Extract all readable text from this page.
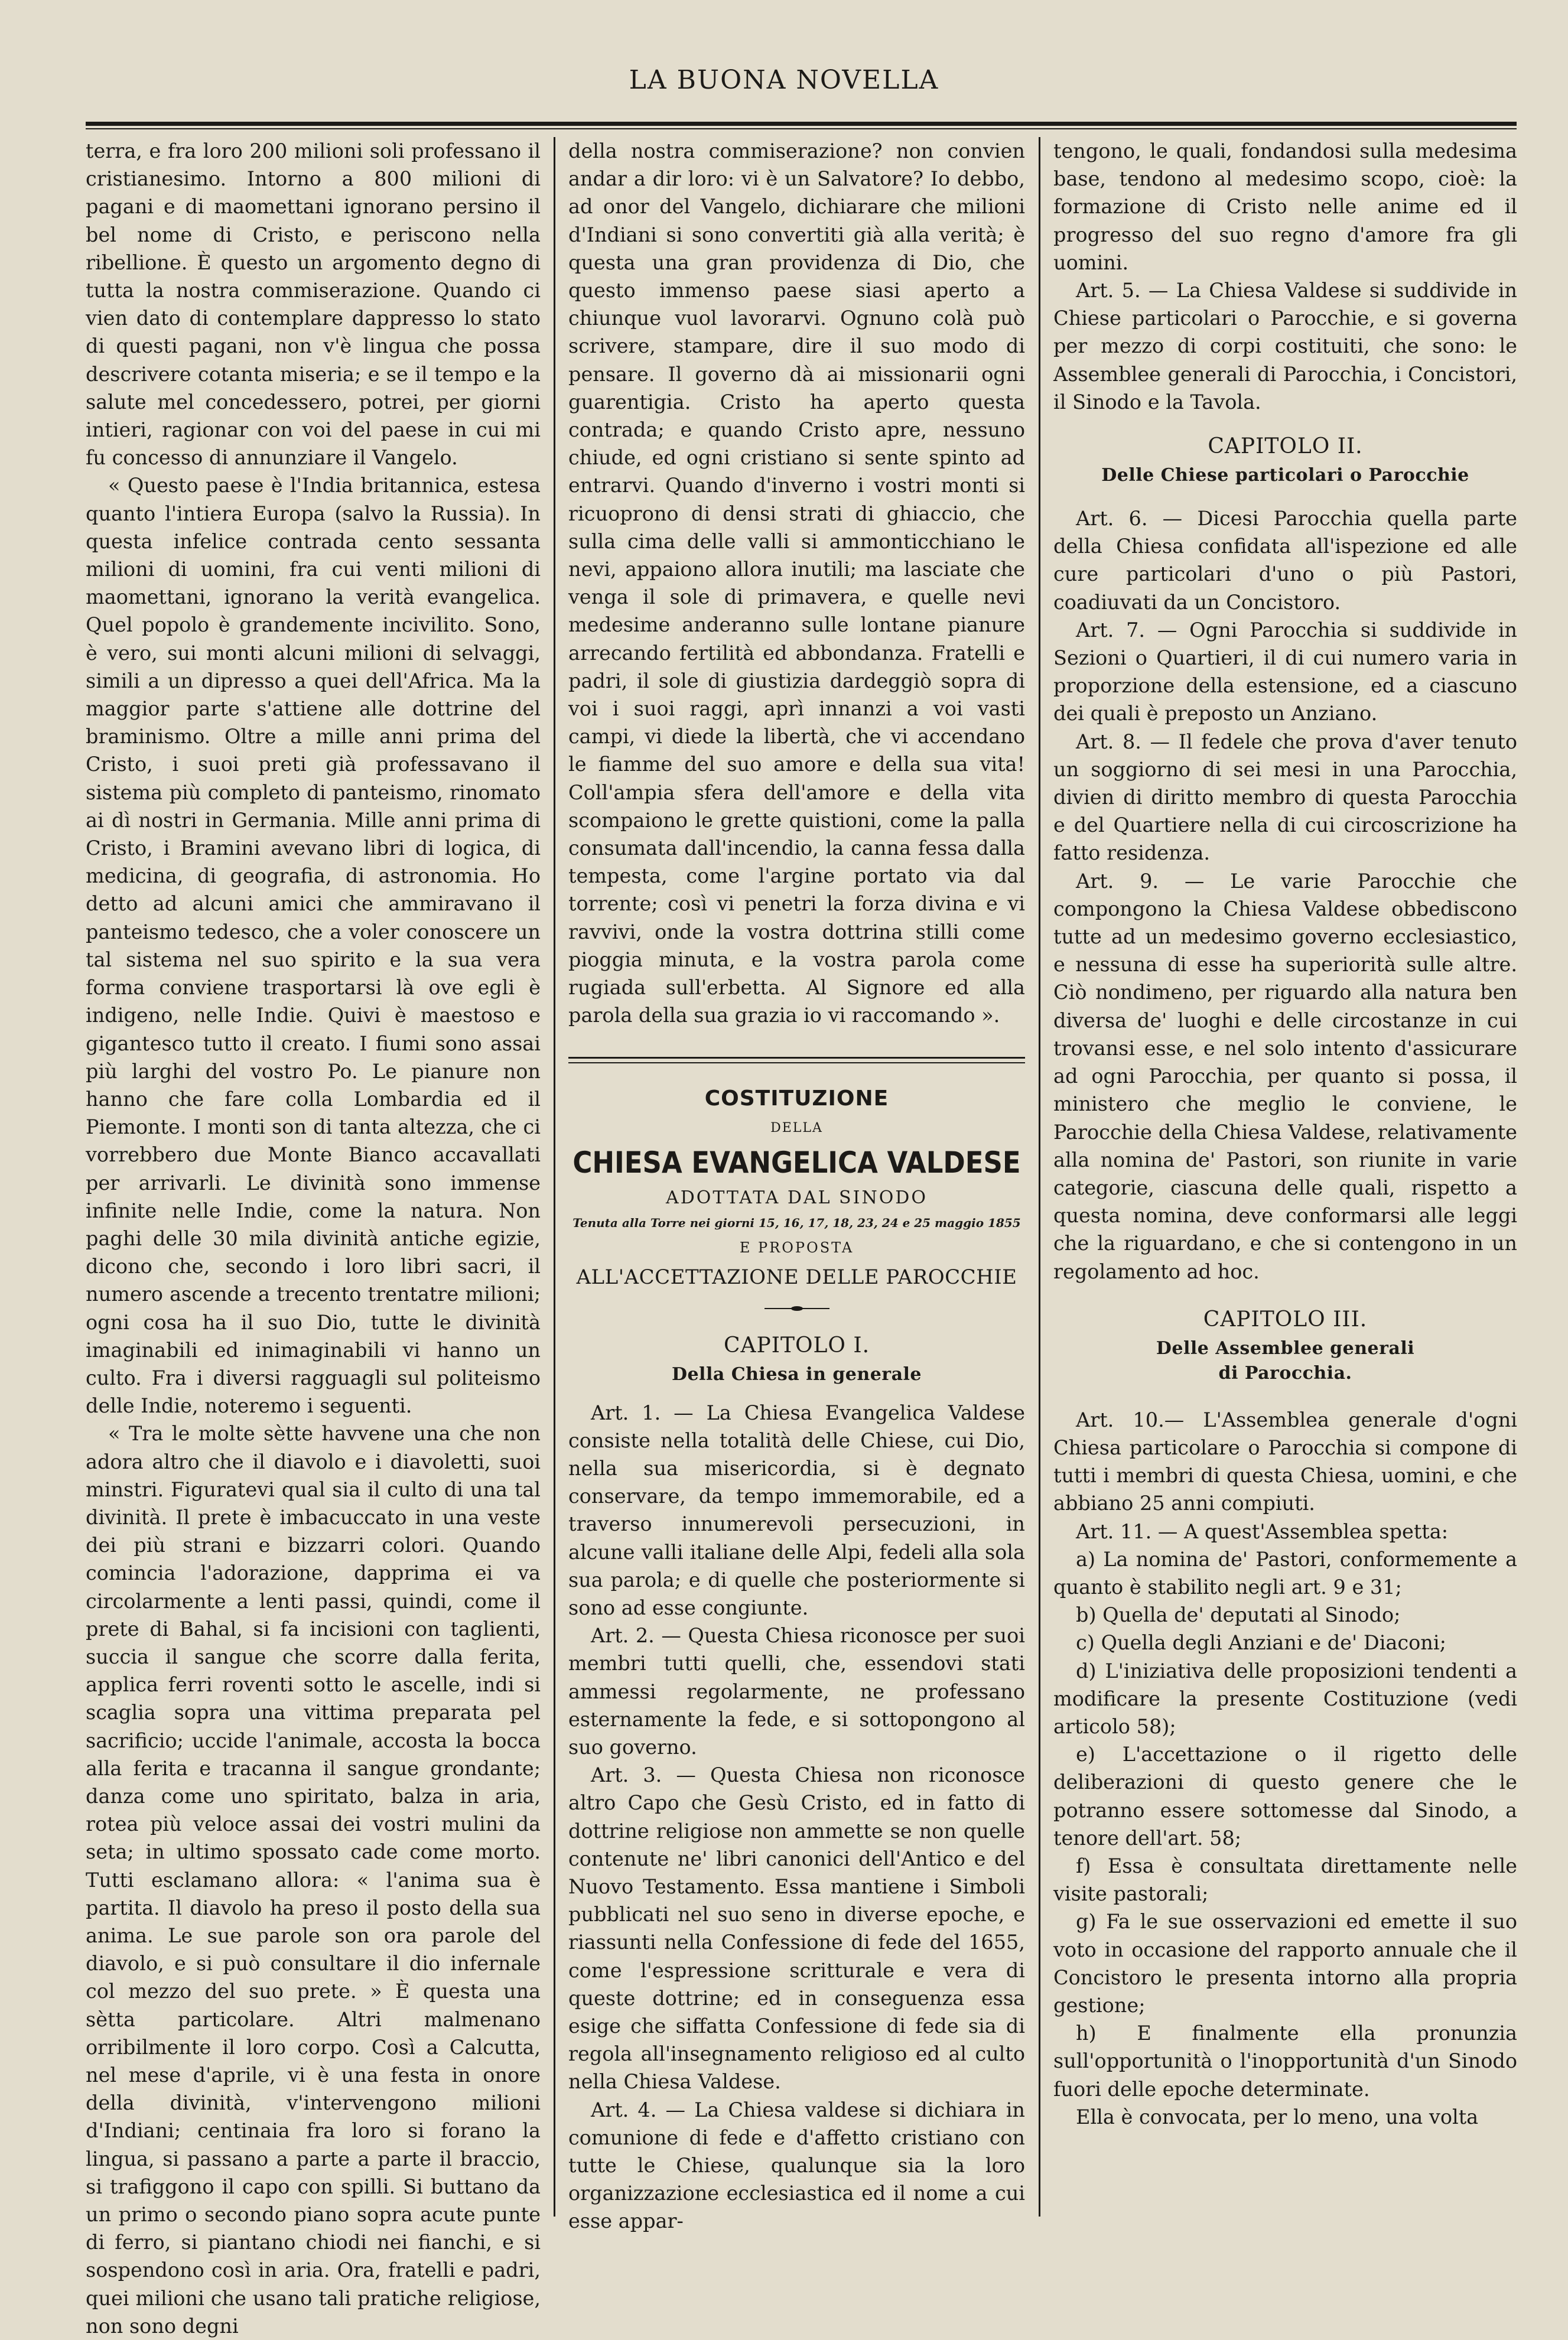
LA BUONA NOVELLA

terra, e fra loro 200 milioni soli professano il cristianesimo. Intorno a 800 milioni di pagani e di maomettani ignorano persino il bel nome di Cristo, e periscono nella ribellione. È questo un argomento degno di tutta la nostra commiserazione. Quando ci vien dato di contemplare dappresso lo stato di questi pagani, non v'è lingua che possa descrivere cotanta miseria; e se il tempo e la salute mel concedessero, potrei, per giorni intieri, ragionar con voi del paese in cui mi fu concesso di annunziare il Vangelo.

« Questo paese è l'India britannica, estesa quanto l'intiera Europa (salvo la Russia). In questa infelice contrada cento sessanta milioni di uomini, fra cui venti milioni di maomettani, ignorano la verità evangelica. Quel popolo è grandemente incivilito. Sono, è vero, sui monti alcuni milioni di selvaggi, simili a un dipresso a quei dell'Africa. Ma la maggior parte s'attiene alle dottrine del braminismo. Oltre a mille anni prima del Cristo, i suoi preti già professavano il sistema più completo di panteismo, rinomato ai dì nostri in Germania. Mille anni prima di Cristo, i Bramini avevano libri di logica, di medicina, di geografia, di astronomia. Ho detto ad alcuni amici che ammiravano il panteismo tedesco, che a voler conoscere un tal sistema nel suo spirito e la sua vera forma conviene trasportarsi là ove egli è indigeno, nelle Indie. Quivi è maestoso e gigantesco tutto il creato. I fiumi sono assai più larghi del vostro Po. Le pianure non hanno che fare colla Lombardia ed il Piemonte. I monti son di tanta altezza, che ci vorrebbero due Monte Bianco accavallati per arrivarli. Le divinità sono immense infinite nelle Indie, come la natura. Non paghi delle 30 mila divinità antiche egizie, dicono che, secondo i loro libri sacri, il numero ascende a trecento trentatre milioni; ogni cosa ha il suo Dio, tutte le divinità imaginabili ed inimaginabili vi hanno un culto. Fra i diversi ragguagli sul politeismo delle Indie, noteremo i seguenti.

« Tra le molte sètte havvene una che non adora altro che il diavolo e i diavoletti, suoi minstri. Figuratevi qual sia il culto di una tal divinità. Il prete è imbacuccato in una veste dei più strani e bizzarri colori. Quando comincia l'adorazione, dapprima ei va circolarmente a lenti passi, quindi, come il prete di Bahal, si fa incisioni con taglienti, succia il sangue che scorre dalla ferita, applica ferri roventi sotto le ascelle, indi si scaglia sopra una vittima preparata pel sacrificio; uccide l'animale, accosta la bocca alla ferita e tracanna il sangue grondante; danza come uno spiritato, balza in aria, rotea più veloce assai dei vostri mulini da seta; in ultimo spossato cade come morto. Tutti esclamano allora: « l'anima sua è partita. Il diavolo ha preso il posto della sua anima. Le sue parole son ora parole del diavolo, e si può consultare il dio infernale col mezzo del suo prete. » È questa una sètta particolare. Altri malmenano orribilmente il loro corpo. Così a Calcutta, nel mese d'aprile, vi è una festa in onore della divinità, v'intervengono milioni d'Indiani; centinaia fra loro si forano la lingua, si passano a parte a parte il braccio, si trafiggono il capo con spilli. Si buttano da un primo o secondo piano sopra acute punte di ferro, si piantano chiodi nei fianchi, e si sospendono così in aria. Ora, fratelli e padri, quei milioni che usano tali pratiche religiose, non sono degni

della nostra commiserazione? non convien andar a dir loro: vi è un Salvatore? Io debbo, ad onor del Vangelo, dichiarare che milioni d'Indiani si sono convertiti già alla verità; è questa una gran providenza di Dio, che questo immenso paese siasi aperto a chiunque vuol lavorarvi. Ognuno colà può scrivere, stampare, dire il suo modo di pensare. Il governo dà ai missionarii ogni guarentigia. Cristo ha aperto questa contrada; e quando Cristo apre, nessuno chiude, ed ogni cristiano si sente spinto ad entrarvi. Quando d'inverno i vostri monti si ricuoprono di densi strati di ghiaccio, che sulla cima delle valli si ammonticchiano le nevi, appaiono allora inutili; ma lasciate che venga il sole di primavera, e quelle nevi medesime anderanno sulle lontane pianure arrecando fertilità ed abbondanza. Fratelli e padri, il sole di giustizia dardeggiò sopra di voi i suoi raggi, aprì innanzi a voi vasti campi, vi diede la libertà, che vi accendano le fiamme del suo amore e della sua vita! Coll'ampia sfera dell'amore e della vita scompaiono le grette quistioni, come la palla consumata dall'incendio, la canna fessa dalla tempesta, come l'argine portato via dal torrente; così vi penetri la forza divina e vi ravvivi, onde la vostra dottrina stilli come pioggia minuta, e la vostra parola come rugiada sull'erbetta. Al Signore ed alla parola della sua grazia io vi raccomando ».

COSTITUZIONE
DELLA
CHIESA EVANGELICA VALDESE
ADOTTATA DAL SINODO
Tenuta alla Torre nei giorni 15, 16, 17, 18, 23, 24 e 25 maggio 1855
E PROPOSTA
ALL'ACCETTAZIONE DELLE PAROCCHIE
CAPITOLO I.
Della Chiesa in generale

Art. 1. — La Chiesa Evangelica Valdese consiste nella totalità delle Chiese, cui Dio, nella sua misericordia, si è degnato conservare, da tempo immemorabile, ed a traverso innumerevoli persecuzioni, in alcune valli italiane delle Alpi, fedeli alla sola sua parola; e di quelle che posteriormente si sono ad esse congiunte.

Art. 2. — Questa Chiesa riconosce per suoi membri tutti quelli, che, essendovi stati ammessi regolarmente, ne professano esternamente la fede, e si sottopongono al suo governo.

Art. 3. — Questa Chiesa non riconosce altro Capo che Gesù Cristo, ed in fatto di dottrine religiose non ammette se non quelle contenute ne' libri canonici dell'Antico e del Nuovo Testamento. Essa mantiene i Simboli pubblicati nel suo seno in diverse epoche, e riassunti nella Confessione di fede del 1655, come l'espressione scritturale e vera di queste dottrine; ed in conseguenza essa esige che siffatta Confessione di fede sia di regola all'insegnamento religioso ed al culto nella Chiesa Valdese.

Art. 4. — La Chiesa valdese si dichiara in comunione di fede e d'affetto cristiano con tutte le Chiese, qualunque sia la loro organizzazione ecclesiastica ed il nome a cui esse appar-

tengono, le quali, fondandosi sulla medesima base, tendono al medesimo scopo, cioè: la formazione di Cristo nelle anime ed il progresso del suo regno d'amore fra gli uomini.

Art. 5. — La Chiesa Valdese si suddivide in Chiese particolari o Parocchie, e si governa per mezzo di corpi costituiti, che sono: le Assemblee generali di Parocchia, i Concistori, il Sinodo e la Tavola.

CAPITOLO II.
Delle Chiese particolari o Parocchie

Art. 6. — Dicesi Parocchia quella parte della Chiesa confidata all'ispezione ed alle cure particolari d'uno o più Pastori, coadiuvati da un Concistoro.

Art. 7. — Ogni Parocchia si suddivide in Sezioni o Quartieri, il di cui numero varia in proporzione della estensione, ed a ciascuno dei quali è preposto un Anziano.

Art. 8. — Il fedele che prova d'aver tenuto un soggiorno di sei mesi in una Parocchia, divien di diritto membro di questa Parocchia e del Quartiere nella di cui circoscrizione ha fatto residenza.

Art. 9. — Le varie Parocchie che compongono la Chiesa Valdese obbediscono tutte ad un medesimo governo ecclesiastico, e nessuna di esse ha superiorità sulle altre. Ciò nondimeno, per riguardo alla natura ben diversa de' luoghi e delle circostanze in cui trovansi esse, e nel solo intento d'assicurare ad ogni Parocchia, per quanto si possa, il ministero che meglio le conviene, le Parocchie della Chiesa Valdese, relativamente alla nomina de' Pastori, son riunite in varie categorie, ciascuna delle quali, rispetto a questa nomina, deve conformarsi alle leggi che la riguardano, e che si contengono in un regolamento ad hoc.

CAPITOLO III.
Delle Assemblee generali
di Parocchia.

Art. 10.— L'Assemblea generale d'ogni Chiesa particolare o Parocchia si compone di tutti i membri di questa Chiesa, uomini, e che abbiano 25 anni compiuti.

Art. 11. — A quest'Assemblea spetta:

a) La nomina de' Pastori, conformemente a quanto è stabilito negli art. 9 e 31;

b) Quella de' deputati al Sinodo;

c) Quella degli Anziani e de' Diaconi;

d) L'iniziativa delle proposizioni tendenti a modificare la presente Costituzione (vedi articolo 58);

e) L'accettazione o il rigetto delle deliberazioni di questo genere che le potranno essere sottomesse dal Sinodo, a tenore dell'art. 58;

f) Essa è consultata direttamente nelle visite pastorali;

g) Fa le sue osservazioni ed emette il suo voto in occasione del rapporto annuale che il Concistoro le presenta intorno alla propria gestione;

h) E finalmente ella pronunzia sull'opportunità o l'inopportunità d'un Sinodo fuori delle epoche determinate.

Ella è convocata, per lo meno, una volta
